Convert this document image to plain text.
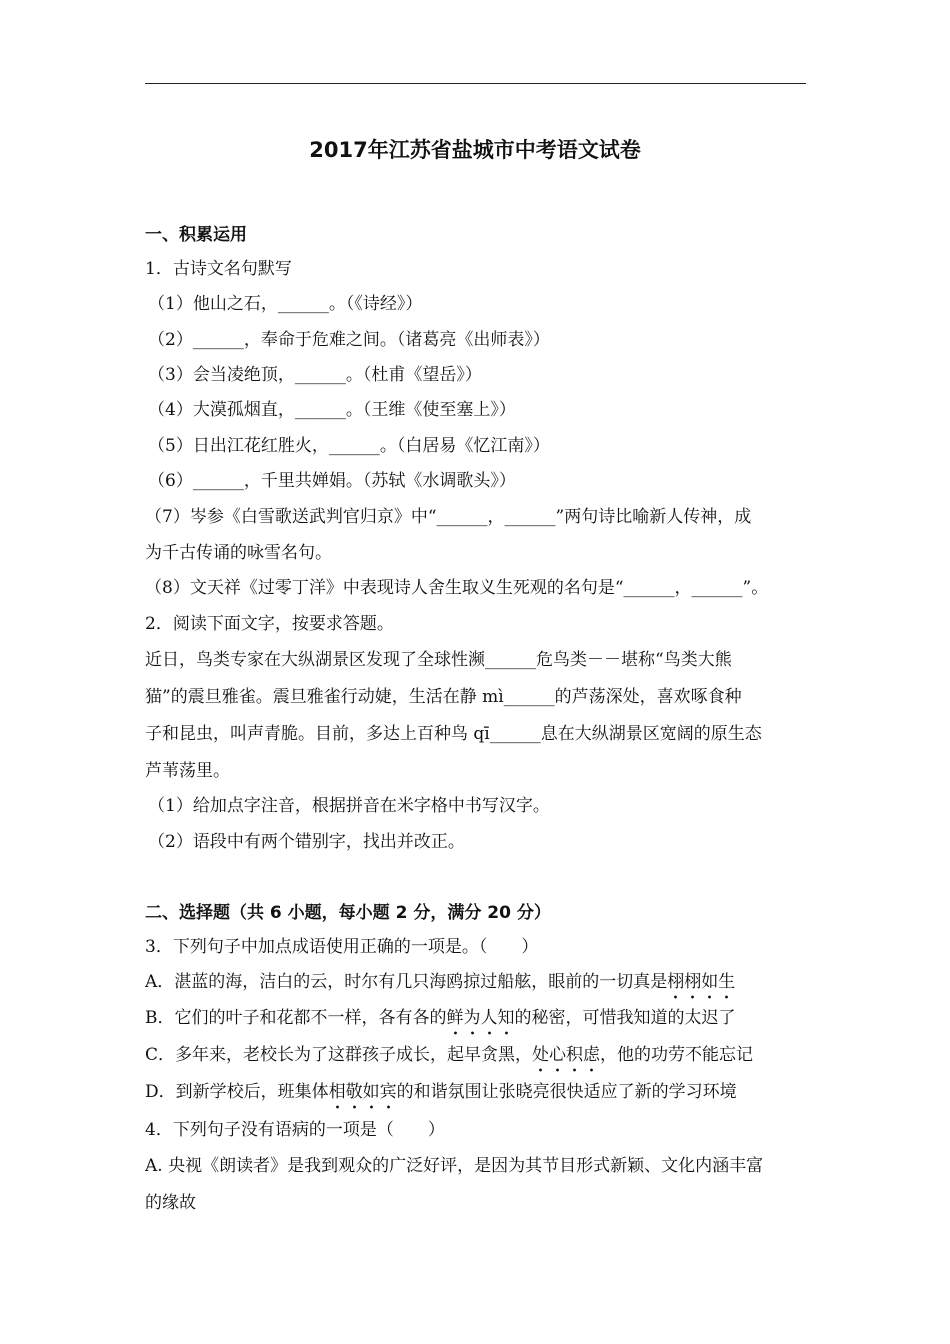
2017年江苏省盐城市中考语文试卷
一、积累运用
1．古诗文名句默写
（1）他山之石，______。（《诗经》）
（2）______，奉命于危难之间。（诸葛亮《出师表》）
（3）会当凌绝顶，______。（杜甫《望岳》）
（4）大漠孤烟直，______。（王维《使至塞上》）
（5）日出江花红胜火，______。（白居易《忆江南》）
（6）______，千里共婵娟。（苏轼《水调歌头》）
（7）岑参《白雪歌送武判官归京》中“______，______”两句诗比喻新人传神，成
为千古传诵的咏雪名句。
（8）文天祥《过零丁洋》中表现诗人舍生取义生死观的名句是“______，______”。
2．阅读下面文字，按要求答题。
近日，鸟类专家在大纵湖景区发现了全球性濒______危鸟类－－堪称“鸟类大熊
猫”的震旦雅雀。震旦雅雀行动婕，生活在静 mì______的芦荡深处，喜欢啄食种
子和昆虫，叫声青脆。目前，多达上百种鸟 qī______息在大纵湖景区宽阔的原生态
芦苇荡里。
（1）给加点字注音，根据拼音在米字格中书写汉字。
（2）语段中有两个错别字，找出并改正。
二、选择题（共 6 小题，每小题 2 分，满分 20 分）
3．下列句子中加点成语使用正确的一项是。（　　）
A．湛蓝的海，洁白的云，时尔有几只海鸥掠过船舷，眼前的一切真是栩栩如生
B．它们的叶子和花都不一样，各有各的鲜为人知
的秘密，可惜我知道的太迟了
C．多年来，老校长为了这群孩子成长，起早贪黑，处心积虑
，他的功劳不能忘记
D．到新学校后，班集体相敬如宾
的和谐氛围让张晓亮很快适应了新的学习环境
4．下列句子没有语病的一项是（　　）
A. 央视《朗读者》是我到观众的广泛好评，是因为其节目形式新颖、文化内涵丰富
的缘故
